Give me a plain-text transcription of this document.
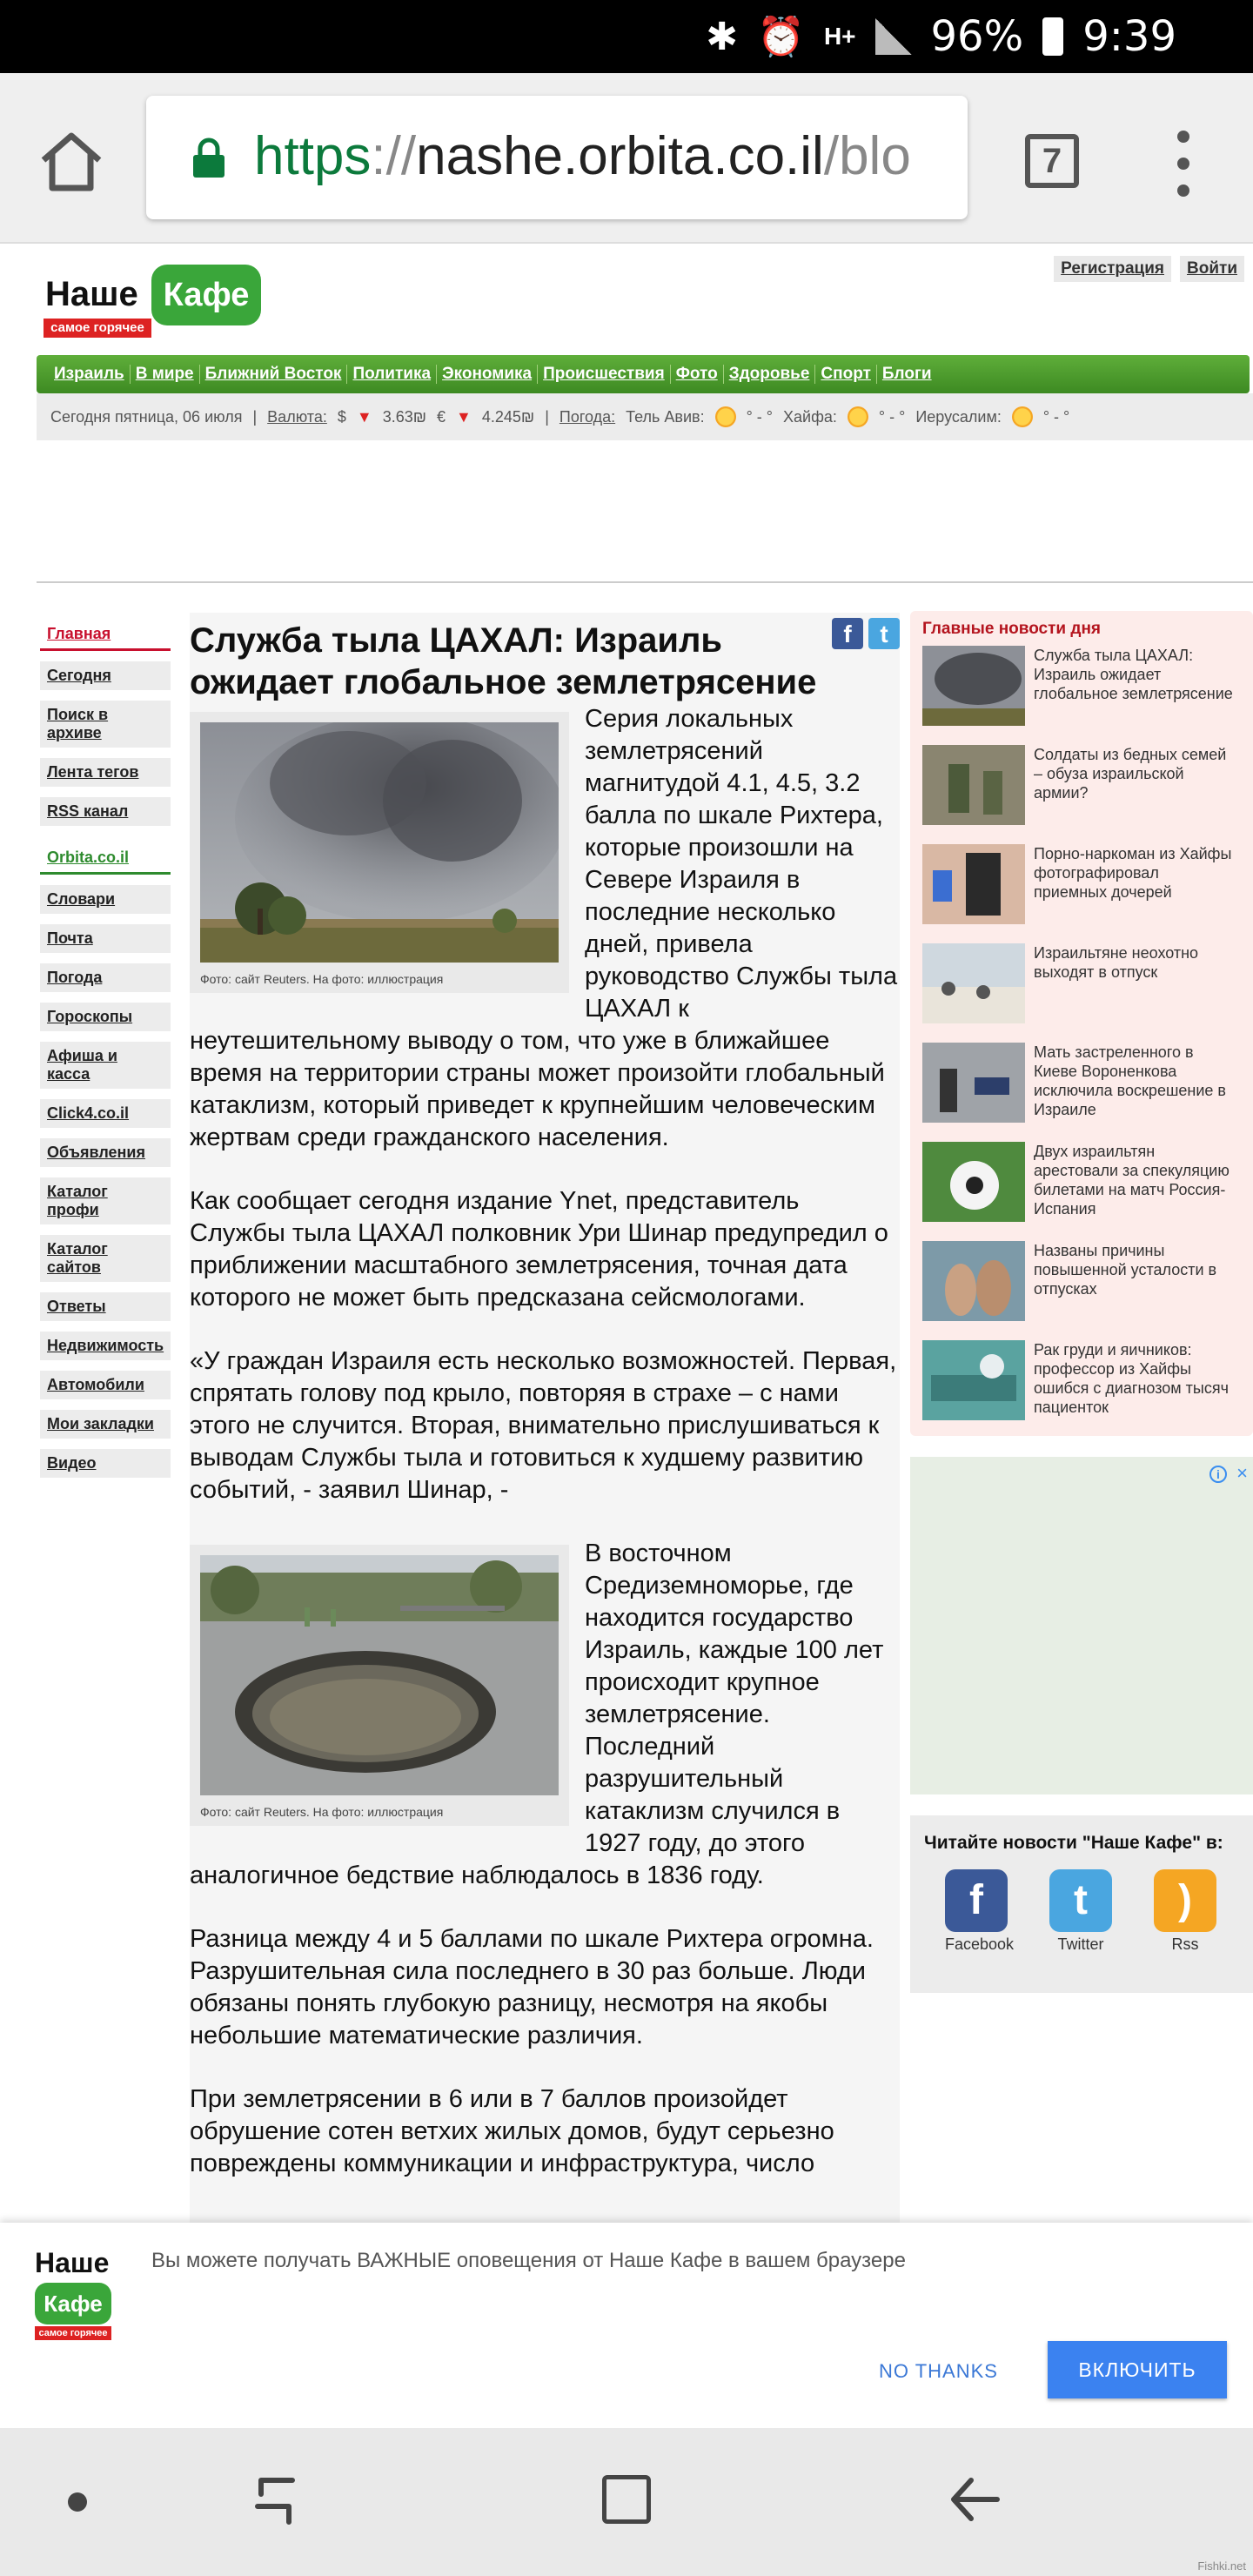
✱ ⏰ H+ 96% 9:39
https://nashe.orbita.co.il/blo	7
Наше Кафе
самое горячее
Регистрация	Войти
Израиль В мире Ближний Восток Политика Экономика Происшествия Фото Здоровье Спорт Блоги
Сегодня пятница, 06 июля | Валюта: $ ▼ 3.63₪ € ▼ 4.245₪ | Погода: Тель Авив:	° - ° Хайфа:	° - ° Иерусалим:	° - °
Главная
Сегодня
Поиск в архиве
Лента тегов
RSS канал
Orbita.co.il
Словари
Почта
Погода
Гороскопы
Афиша и касса
Click4.co.il
Объявления
Каталог профи
Каталог сайтов
Ответы
Недвижимость
Автомобили
Мои закладки
Видео
f	t
Служба тыла ЦАХАЛ: Израиль ожидает глобальное землетрясение
Фото: сайт Reuters. На фото: иллюстрация

Серия локальных землетрясений магнитудой 4.1, 4.5, 3.2 балла по шкале Рихтера, которые произошли на Севере Израиля в последние несколько дней, привела руководство Службы тыла ЦАХАЛ к неутешительному выводу о том, что уже в ближайшее время на территории страны может произойти глобальный катаклизм, который приведет к крупнейшим человеческим жертвам среди гражданского населения.

Как сообщает сегодня издание Ynet, представитель Службы тыла ЦАХАЛ полковник Ури Шинар предупредил о приближении масштабного землетрясения, точная дата которого не может быть предсказана сейсмологами.

«У граждан Израиля есть несколько возможностей. Первая, спрятать голову под крыло, повторяя в страхе – с нами этого не случится. Вторая, внимательно прислушиваться к выводам Службы тыла и готовиться к худшему развитию событий, - заявил Шинар, -

Фото: сайт Reuters. На фото: иллюстрация

В восточном Средиземноморье, где находится государство Израиль, каждые 100 лет происходит крупное землетрясение. Последний разрушительный катаклизм случился в 1927 году, до этого аналогичное бедствие наблюдалось в 1836 году.

Разница между 4 и 5 баллами по шкале Рихтера огромна. Разрушительная сила последнего в 30 раз больше. Люди обязаны понять глубокую разницу, несмотря на якобы небольшие математические различия.

При землетрясении в 6 или в 7 баллов произойдет обрушение сотен ветхих жилых домов, будут серьезно повреждены коммуникации и инфраструктура, число

Главные новости дня
Служба тыла ЦАХАЛ:
Израиль ожидает
глобальное землетрясение
Солдаты из бедных семей
– обуза израильской
армии?
Порно-наркоман из Хайфы
фотографировал
приемных дочерей
Израильтяне неохотно
выходят в отпуск
Мать застреленного в
Киеве Вороненкова
исключила воскрешение в
Израиле
Двух израильтян
арестовали за спекуляцию
билетами на матч Россия-
Испания
Названы причины
повышенной усталости в
отпусках
Рак груди и яичников:
профессор из Хайфы
ошибся с диагнозом тысяч
пациенток
i ×
Читайте новости "Наше Кафе" в:
f
Facebook
t
Twitter
)
Rss
Наше
Кафе
самое горячее
Вы можете получать ВАЖНЫЕ оповещения от Наше Кафе в вашем браузере
NO THANKS	ВКЛЮЧИТЬ
Fishki.net
